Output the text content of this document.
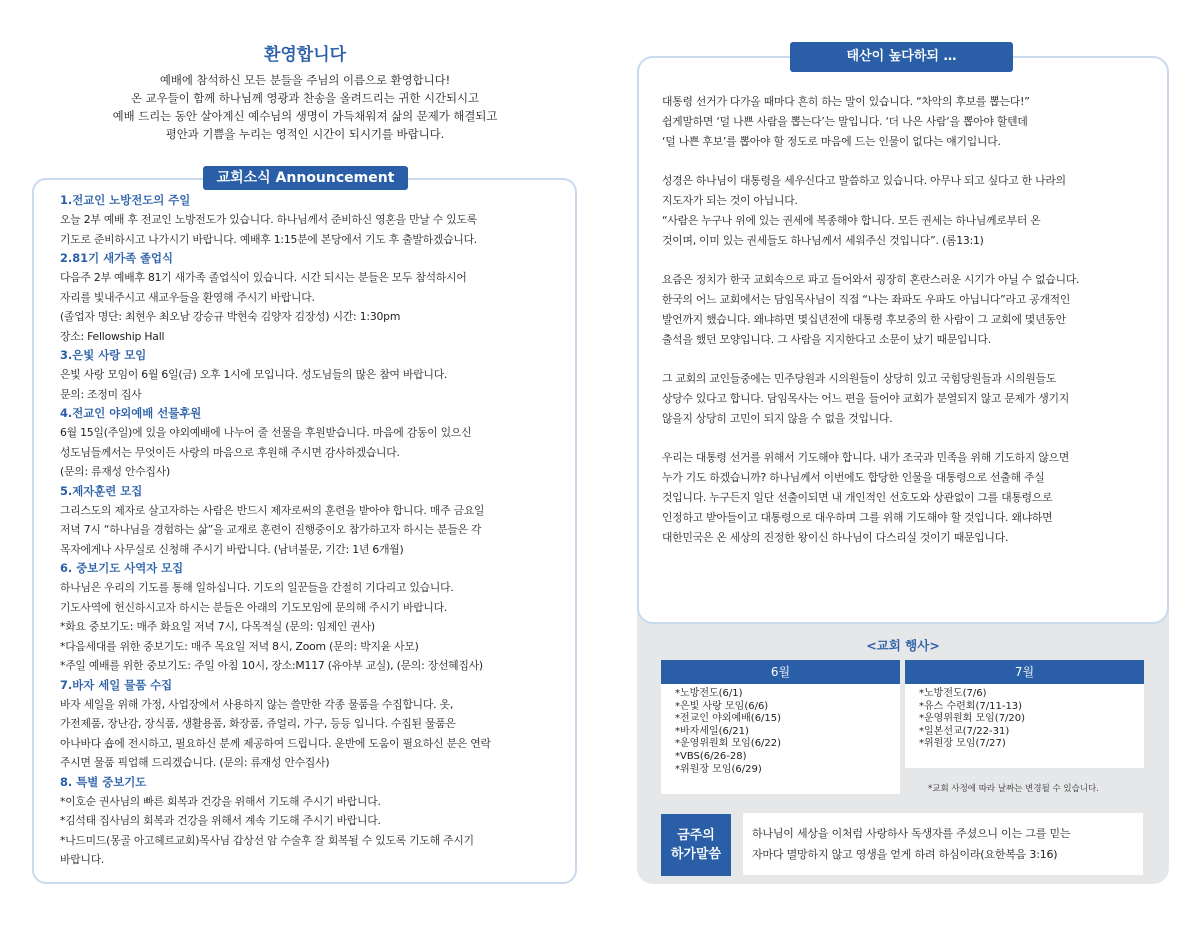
환영합니다

예배에 참석하신 모든 분들을 주님의 이름으로 환영합니다!

온 교우들이 함께 하나님께 영광과 찬송을 올려드리는 귀한 시간되시고

예배 드리는 동안 살아계신 예수님의 생명이 가득채워져 삶의 문제가 해결되고

평안과 기쁨을 누리는 영적인 시간이 되시기를 바랍니다.

교회소식 Announcement
1.전교인 노방전도의 주일
오늘 2부 예배 후 전교인 노방전도가 있습니다. 하나님께서 준비하신 영혼을 만날 수 있도록
기도로 준비하시고 나가시기 바랍니다. 예배후 1:15분에 본당에서 기도 후 출발하겠습니다.
2.81기 새가족 졸업식
다음주 2부 예배후 81기 새가족 졸업식이 있습니다. 시간 되시는 분들은 모두 참석하시어
자리를 빛내주시고 새교우들을 환영해 주시기 바랍니다.
(졸업자 명단: 최현우 최오남 강승규 박현숙 김양자 김장성) 시간: 1:30pm
장소: Fellowship Hall
3.은빛 사랑 모임
은빛 사랑 모임이 6월 6일(금) 오후 1시에 모입니다. 성도님들의 많은 참여 바랍니다.
문의: 조정미 집사
4.전교인 야외예배 선물후원
6월 15일(주일)에 있을 야외예배에 나누어 줄 선물을 후원받습니다. 마음에 감동이 있으신
성도님들께서는 무엇이든 사랑의 마음으로 후원해 주시면 감사하겠습니다.
(문의: 류재성 안수집사)
5.제자훈련 모집
그리스도의 제자로 살고자하는 사람은 반드시 제자로써의 훈련을 받아야 합니다. 매주 금요일
저녁 7시 “하나님을 경험하는 삶”을 교재로 훈련이 진행중이오 참가하고자 하시는 분들은 각
목자에게나 사무실로 신청해 주시기 바랍니다. (남녀불문, 기간: 1년 6개월)
6. 중보기도 사역자 모집
하나님은 우리의 기도를 통해 일하십니다. 기도의 일꾼들을 간절히 기다리고 있습니다.
기도사역에 헌신하시고자 하시는 분들은 아래의 기도모임에 문의해 주시기 바랍니다.
*화요 중보기도: 매주 화요일 저녁 7시, 다목적실 (문의: 임제인 권사)
*다음세대를 위한 중보기도: 매주 목요일 저녁 8시, Zoom (문의: 박지윤 사모)
*주일 예배를 위한 중보기도: 주일 아침 10시, 장소:M117 (유아부 교실), (문의: 장선혜집사)
7.바자 세일 물품 수집
바자 세일을 위해 가정, 사업장에서 사용하지 않는 쓸만한 각종 물품을 수집합니다. 옷,
가전제품, 장난감, 장식품, 생활용품, 화장품, 쥬얼리, 가구, 등등 입니다. 수집된 물품은
아나바다 숍에 전시하고, 필요하신 분께 제공하여 드립니다. 운반에 도움이 필요하신 분은 연락
주시면 물품 픽업해 드리겠습니다. (문의: 류재성 안수집사)
8. 특별 중보기도
*이호순 권사님의 빠른 회복과 건강을 위해서 기도해 주시기 바랍니다.
*김석태 집사님의 회복과 건강을 위해서 계속 기도해 주시기 바랍니다.
*나드미드(몽골 아고헤르교회)목사님 갑상선 암 수술후 잘 회복될 수 있도록 기도해 주시기
바랍니다.
태산이 높다하되 …
대통령 선거가 다가올 때마다 흔히 하는 말이 있습니다. “차악의 후보를 뽑는다!”
쉽게말하면 ‘덜 나쁜 사람을 뽑는다’는 말입니다. ‘더 나은 사람’을 뽑아야 할텐데
‘덜 나쁜 후보’를 뽑아야 할 정도로 마음에 드는 인물이 없다는 얘기입니다.
성경은 하나님이 대통령을 세우신다고 말씀하고 있습니다. 아무나 되고 싶다고 한 나라의
지도자가 되는 것이 아닙니다.
“사람은 누구나 위에 있는 권세에 복종해야 합니다. 모든 권세는 하나님께로부터 온
것이며, 이미 있는 권세들도 하나님께서 세워주신 것입니다”. (롬13:1)
요즘은 정치가 한국 교회속으로 파고 들어와서 굉장히 혼란스러운 시기가 아닐 수 없습니다.
한국의 어느 교회에서는 담임목사님이 직접 “나는 좌파도 우파도 아닙니다”라고 공개적인
발언까지 했습니다. 왜냐하면 몇십년전에 대통령 후보중의 한 사람이 그 교회에 몇년동안
출석을 했던 모양입니다. 그 사람을 지지한다고 소문이 났기 때문입니다.
그 교회의 교인들중에는 민주당원과 시의원들이 상당히 있고 국힘당원들과 시의원들도
상당수 있다고 합니다. 담임목사는 어느 편을 들어야 교회가 분열되지 않고 문제가 생기지
않을지 상당히 고민이 되지 않을 수 없을 것입니다.
우리는 대통령 선거를 위해서 기도해야 합니다. 내가 조국과 민족을 위해 기도하지 않으면
누가 기도 하겠습니까? 하나님께서 이번에도 합당한 인물을 대통령으로 선출해 주실
것입니다. 누구든지 일단 선출이되면 내 개인적인 선호도와 상관없이 그를 대통령으로
인정하고 받아들이고 대통령으로 대우하며 그를 위해 기도해야 할 것입니다. 왜냐하면
대한민국은 온 세상의 진정한 왕이신 하나님이 다스리실 것이기 때문입니다.
<교회 행사>
6월
*노방전도(6/1)
*은빛 사랑 모임(6/6)
*전교인 야외예배(6/15)
*바자세일(6/21)
*운영위원회 모임(6/22)
*VBS(6/26-28)
*위원장 모임(6/29)
7월
*노방전도(7/6)
*유스 수련회(7/11-13)
*운영위원회 모임(7/20)
*일본선교(7/22-31)
*위원장 모임(7/27)
*교회 사정에 따라 날짜는 변경될 수 있습니다.
금주의
하가말씀
하나님이 세상을 이처럼 사랑하사 독생자를 주셨으니 이는 그를 믿는
자마다 멸망하지 않고 영생을 얻게 하려 하심이라(요한복음 3:16)
